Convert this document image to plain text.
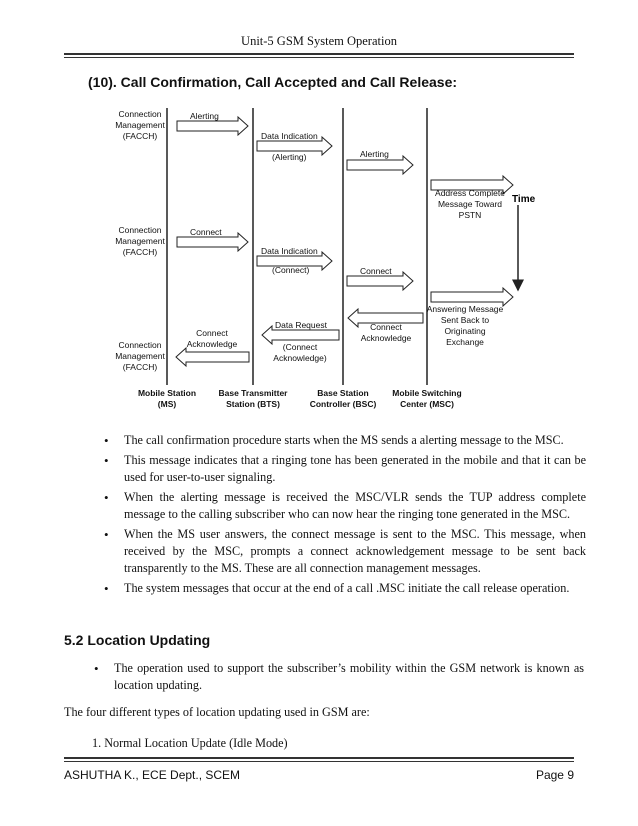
Unit-5 GSM System Operation
(10). Call Confirmation, Call Accepted and Call Release:
Time
Connection
Management
(FACCH)
Connection
Management
(FACCH)
Connection
Management
(FACCH)
Alerting
Data Indication
(Alerting)	Alerting
Address Complete
Message Toward
PSTN
Connect
Data Indication
(Connect)	Connect
Answering Message
Sent Back to
Originating
Exchange
Connect
Acknowledge
Data Request
(Connect
Acknowledge)
Connect
Acknowledge
Mobile Station
(MS)
Base Transmitter
Station (BTS)
Base Station
Controller (BSC)
Mobile Switching
Center (MSC)
• The call confirmation procedure starts when the MS sends a alerting message to the MSC.
• This message indicates that a ringing tone has been generated in the mobile and that it can be used for user-to-user signaling.
• When the alerting message is received the MSC/VLR sends the TUP address complete message to the calling subscriber who can now hear the ringing tone generated in the MSC.
• When the MS user answers, the connect message is sent to the MSC. This message, when received by the MSC, prompts a connect acknowledgement message to be sent back transparently to the MS. These are all connection management messages.
• The system messages that occur at the end of a call .MSC initiate the call release operation.
5.2 Location Updating
• The operation used to support the subscriber’s mobility within the GSM network is known as location updating.
The four different types of location updating used in GSM are:
1. Normal Location Update (Idle Mode)
ASHUTHA K., ECE Dept., SCEM	Page 9
